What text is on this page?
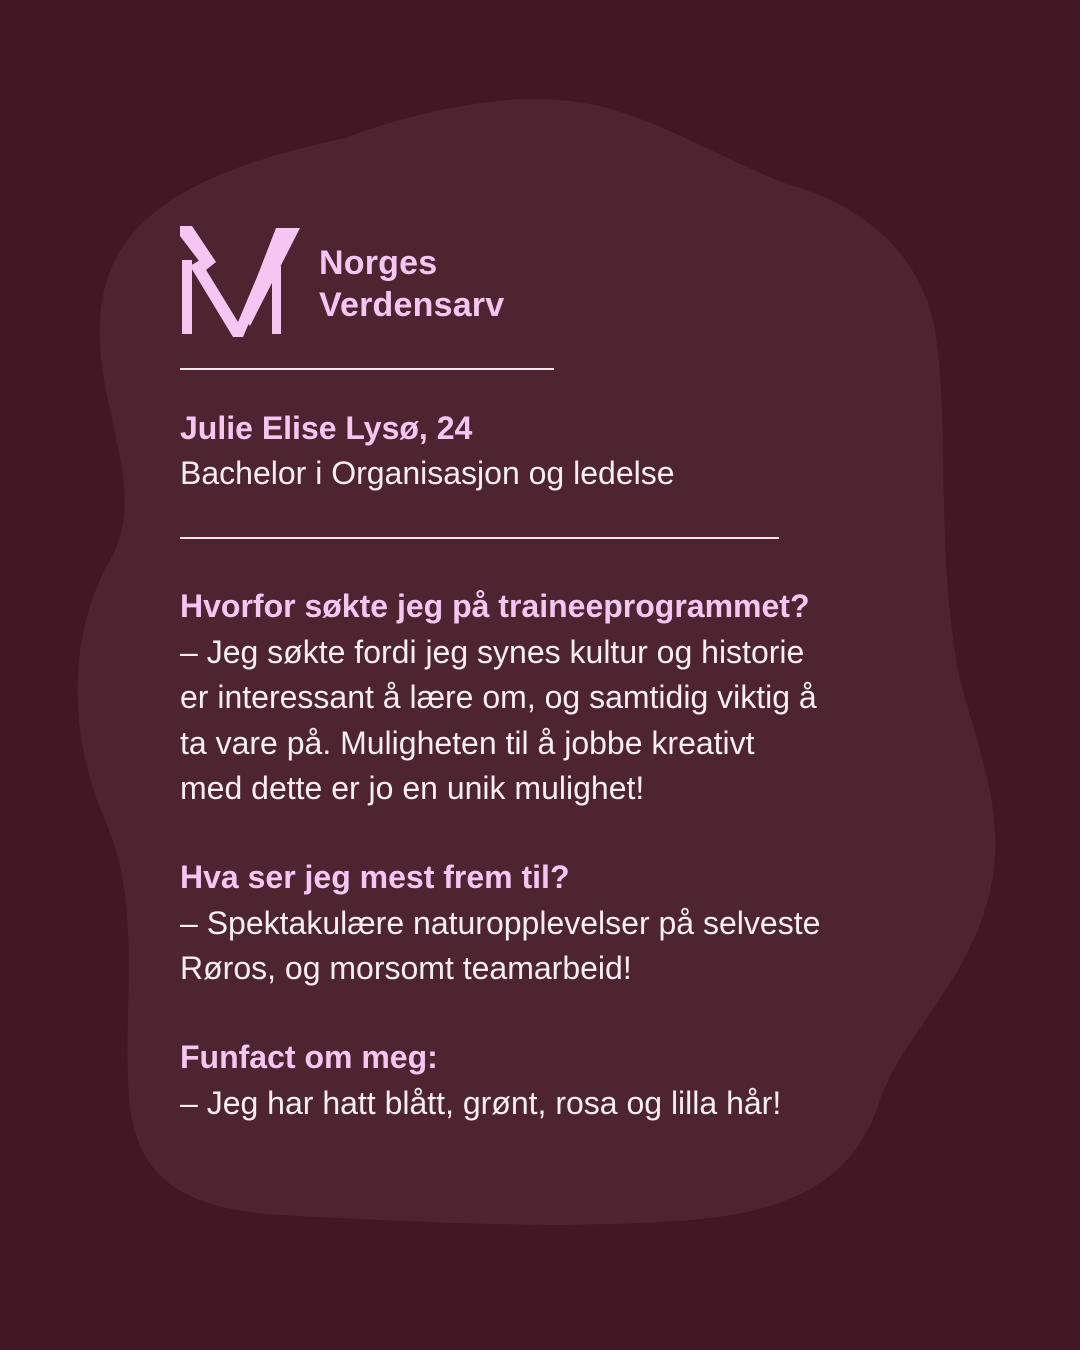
Norges
Verdensarv
Julie Elise Lysø, 24
Bachelor i Organisasjon og ledelse
Hvorfor søkte jeg på traineeprogrammet?
– Jeg søkte fordi jeg synes kultur og historie
er interessant å lære om, og samtidig viktig å
ta vare på. Muligheten til å jobbe kreativt
med dette er jo en unik mulighet!
Hva ser jeg mest frem til?
– Spektakulære naturopplevelser på selveste
Røros, og morsomt teamarbeid!
Funfact om meg:
– Jeg har hatt blått, grønt, rosa og lilla hår!
